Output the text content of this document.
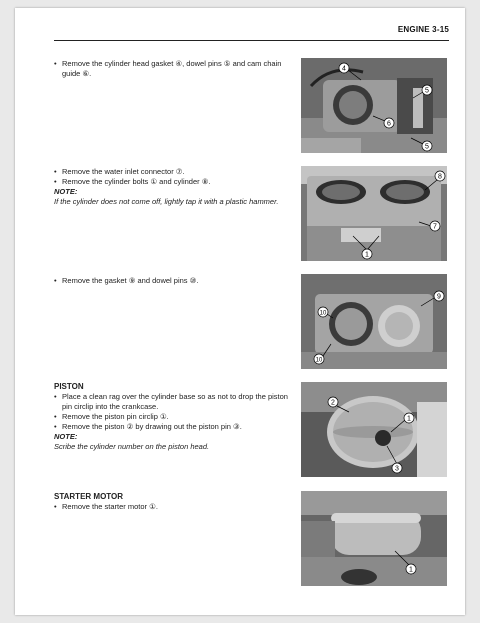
ENGINE 3-15
• Remove the cylinder head gasket ④, dowel pins ⑤ and cam chain guide ⑥.
• Remove the water inlet connector ⑦.
• Remove the cylinder bolts ① and cylinder ⑧.
NOTE:
If the cylinder does not come off, lightly tap it with a plastic hammer.
• Remove the gasket ⑨ and dowel pins ⑩.
PISTON
• Place a clean rag over the cylinder base so as not to drop the piston pin circlip into the crankcase.
• Remove the piston pin circlip ①.
• Remove the piston ② by drawing out the piston pin ③.
NOTE:
Scribe the cylinder number on the piston head.
STARTER MOTOR
• Remove the starter motor ①.
4
5
6
5
8
7
1
9
10
10
2
1
3
1
